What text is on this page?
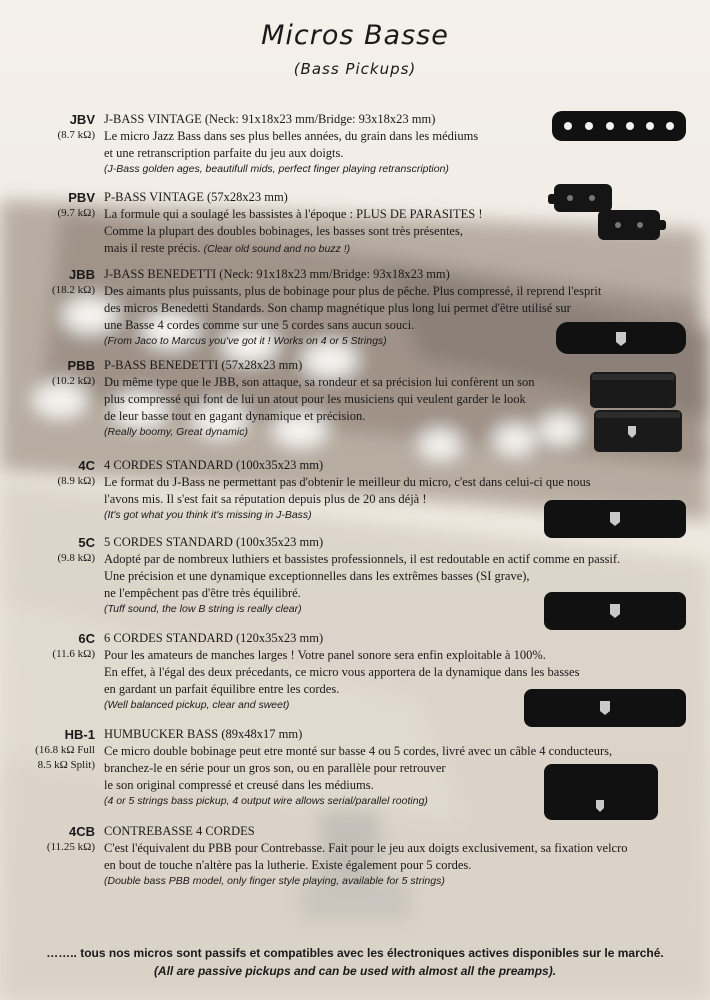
Micros Basse
(Bass Pickups)
JBV
(8.7 kΩ)
J-BASS VINTAGE (Neck: 91x18x23 mm/Bridge: 93x18x23 mm)
Le micro Jazz Bass dans ses plus belles années, du grain dans les médiums
et une retranscription parfaite du jeu aux doigts.
(J-Bass golden ages, beautifull mids, perfect finger playing retranscription)
PBV
(9.7 kΩ)
P-BASS VINTAGE (57x28x23 mm)
La formule qui a soulagé les bassistes à l'époque : PLUS DE PARASITES !
Comme la plupart des doubles bobinages, les basses sont très présentes,
mais il reste précis. (Clear old sound and no buzz !)
JBB
(18.2 kΩ)
J-BASS BENEDETTI (Neck: 91x18x23 mm/Bridge: 93x18x23 mm)
Des aimants plus puissants, plus de bobinage pour plus de pêche. Plus compressé, il reprend l'esprit
des micros Benedetti Standards. Son champ magnétique plus long lui permet d'être utilisé sur
une Basse 4 cordes comme sur une 5 cordes sans aucun souci.
(From Jaco to Marcus you've got it ! Works on 4 or 5 Strings)
PBB
(10.2 kΩ)
P-BASS BENEDETTI (57x28x23 mm)
Du même type que le JBB, son attaque, sa rondeur et sa précision lui confèrent un son
plus compressé qui font de lui un atout pour les musiciens qui veulent garder le look
de leur basse tout en gagant dynamique et précision.
(Really boomy, Great dynamic)
4C
(8.9 kΩ)
4 CORDES STANDARD (100x35x23 mm)
Le format du J-Bass ne permettant pas d'obtenir le meilleur du micro, c'est dans celui-ci que nous
l'avons mis. Il s'est fait sa réputation depuis plus de 20 ans déjà !
(It's got what you think it's missing in J-Bass)
5C
(9.8 kΩ)
5 CORDES STANDARD (100x35x23 mm)
Adopté par de nombreux luthiers et bassistes professionnels, il est redoutable en actif comme en passif.
Une précision et une dynamique exceptionnelles dans les extrêmes basses (SI grave),
ne l'empêchent pas d'être très équilibré.
(Tuff sound, the low B string is really clear)
6C
(11.6 kΩ)
6 CORDES STANDARD (120x35x23 mm)
Pour les amateurs de manches larges ! Votre panel sonore sera enfin exploitable à 100%.
En effet, à l'égal des deux précedants, ce micro vous apportera de la dynamique dans les basses
en gardant un parfait équilibre entre les cordes.
(Well balanced pickup, clear and sweet)
HB-1
(16.8 kΩ Full
8.5 kΩ Split)
HUMBUCKER BASS (89x48x17 mm)
Ce micro double bobinage peut etre monté sur basse 4 ou 5 cordes, livré avec un câble 4 conducteurs,
branchez-le en série pour un gros son, ou en parallèle pour retrouver
le son original compressé et creusé dans les médiums.
(4 or 5 strings bass pickup, 4 output wire allows serial/parallel rooting)
4CB
(11.25 kΩ)
CONTREBASSE 4 CORDES
C'est l'équivalent du PBB pour Contrebasse. Fait pour le jeu aux doigts exclusivement, sa fixation velcro
en bout de touche n'altère pas la lutherie. Existe également pour 5 cordes.
(Double bass PBB model, only finger style playing, available for 5 strings)
…….. tous nos micros sont passifs et compatibles avec les électroniques actives disponibles sur le marché.
(All are passive pickups and can be used with almost all the preamps).
